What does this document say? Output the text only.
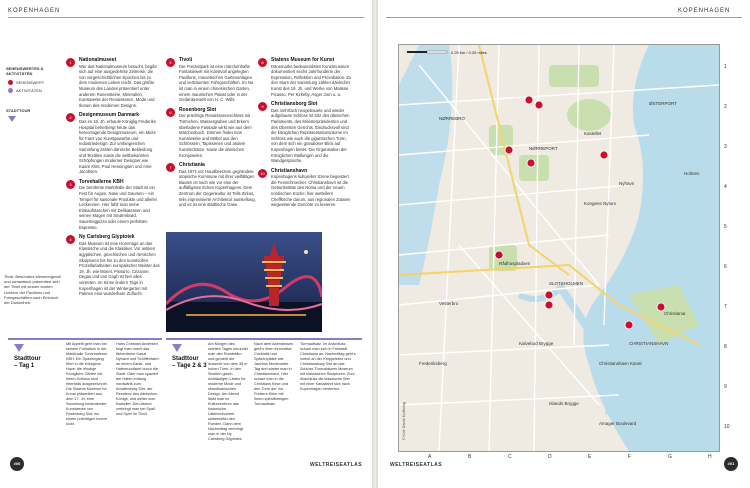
KOPENHAGEN
SEHENSWERTES &
AKTIVITÄTEN
SEHENSWERT
AKTIVITÄTEN
STADTTOUR
1	Nationalmuseet
Wer das Nationalmuseum besucht, begibt sich auf eine ausgedehnte Zeitreise, die von vorgeschichtlichen Epochen bis zu dem modernen Leben reicht. Das größte Museum des Landes präsentiert unter anderem Runensteine, Mineralien, Kunstwerke der Renaissance, Mode und Ikonen des modernen Designs.
2	Designmuseum Danmark
Das im 18. Jh. erbaute Königlig Frederiks Hospital beherbergt heute das hervorragende Designmuseum, ein Muss für Fans von Kunstgewerbe und Industriedesign. Zur umfangreichen Sammlung zählen dänische Bekleidung und Textilien sowie die weltbekannten Schöpfungen moderner Designer wie Kaare Klint, Poul Henningsen und Arne Jacobsen.
3	Torvehallerne KBH
Die berühmte Markthalle der Stadt ist ein Fest für Augen, Nase und Gaumen – ein Tempel für saisonale Produkte und allerlei Leckereien. Hier fühlt man seine Einkaufstaschen mit Delikatessen und seinen Magen mit Smørrebrød, Sauerteigpizza oder einem perfekten Espresso.
4	Ny Carlsberg Glyptotek
Das Museum ist eine Hommage an das Klassische und die Klassiker. Vor antiken ägyptischen, griechischen und römischen Skulpturen bis hin zu den kunstvollen Prozellarlarbeiten europäischer Meister des 19. Jh. wie Monet, Pissarro, Cézanne, Degas und van Gogh ist hier alles vertreten. Im Sinne lindern Tage in Kopenhagen ist der Wintergarten mit Palmen eine wunderbare Zuflucht.
5	Tivoli
Der Freizeitpark ist eine märchenhafte Fantasiewelt mit kunstvoll angelegten Pavillons, romantischen Gartenanlagen und verträumten Fahrgeschäften. Im Nu ist man in einem chinesischen Garten, einem maurischen Palast oder in der Gedankenwelt von H. C. Wills.
6	Rosenborg Slot
Der prächtige Renaissanceschloss mit Türmchen, Wassergraben und Erkern überladene Fassade wirkt wie aus dem Märchenbuch. Drinnen findet man Kunstwerke und Möbel aus den Schlössern, Tapisserien und andere Kunstschätze, sowie die dänischen Kronjuwelen.
7	Christiania
Das 1971 vor Haudbeetzern gegründete utopische Kommune mit ihrer vielfältigen Bauten ist nach wie vor eine der auffälligsten Ecken Kopenhagens. Dem Zentrum der Gegenkultur ist Tells Zirkus, teils improvisierte Architektur ausstellung, und es ist eine städtische Oase.
8	Statens Museum for Kunst
Dänemarks bedeutendstes Kunstmuseum dokumentiert sechs Jahrhunderte der Expression, Reflektion und Provokation. Zu den Stars der Sammlung zählen dänischer Kunst des 19. Jh. und Werke von Matisse, Picasso, Per Kirkeby, Asger Jorn u. a.
9	Christiansborg Slot
Das mehrfach neugebauete und wieder aufgebaute Schloss ist Sitz des dänischen Parlaments, des Ministerpräsidenten und des Obersten Gerichts. Eindrucksvoll sind die königlichen Repräsentationsräume im Schloss wie auch die gigantischen Turm, von dem sich ein grandioser Blick auf Kopenhagen bietet. Die Organisation der Königlichen Stallungen und die Wandgesprache.
10	Christianshavn
Kopenhagens kultureller Szene begeistert die Feinschmecker. Christianshavn ist die Geburtsstätte des Noma und der neuen nordischen Küche; hier wetteifern Cheffköche darum, aus regionalen Zutaten wegweisende Gerichte zu kreieren.
Tivoli: Besonders stimmungsvoll und romantisch präsentiert sich der Tivoli mit seinen bunten Lichtern der Pavillons und Fahrgeschäften nach Einbruch der Dunkelheit.
Stadttour
– Tag 1
Mit Appetit geht man bei seinem Frühstück in der Markthalle Torvehallerne KBH. Ein Spaziergang führt in die Königens Have: die einstige Königliche Gärten mit ihrem Schloss sind ebenfalls ausgezeichnet. Die Statens Museum for Kunst präsentiert aus dem 17. Jh. eine Sammlung bedeutender Kunstwerke von Rosenborg Slot, wo einem prächtigen Innere lockt.
Hans Christian Andersen folgt man durch das färbenfrohe Kanal Nyhavn und Schiffenfahrt: an einem Kanal- und Hafenrundfahrt durch die Stadt. Oder man spaziert am Hafen entlang nordwärts zum Amalienborg Slot, der Residenz des dänischen Königs, und weiter zum Kastellet. Den Abend verbringt man bei Spaß und Spiel im Tivoli.
Stadttour
– Tage 2 & 3
Am Morgen des zweiten Tages erkundet man den Rundetårn und genießt die Aussicht von dem 35 m hohen Turm. In den Straßen gleich rückläufigen Läden für moderne Mode und skandinavisches Design. Am Abend lässt man im Kulturzentrum das historische Lateinerkvartert südwestlich des Runden. Dann dem Nachmittag verbringt man in der Ny Carlsberg Glyptotek.
Nach dem Abendessen geht's ihren innovative Cocktails und Spitzenplätze wie Jazzhus Montmartre. Tag drei startet man in Christianshavn. Hier schaut man in die Christians Kirke und den Turm der Vor Frelsers Kirke mit ihrem spiralförmigen Turmaufsatz.
Turmaufsatz. Im Anschluss schaut man sich in Freistadt Christiania an. Nachmittag geht's vorbei an der Knippelsbro und Christiansborg Slot an das Schloss Thorvaldsens Museum mit klassischen Skulpturen. Zum Abschluss die klassische Wer mit einer Kanalfahrt sich nach Kopenhagen-Vesterbro.
#00	WELTREISEATLAS
KOPENHAGEN
WELTREISEATLAS	#01
ØSTERPORT
NØRREBRO
NØRREPORT
Kastellet
Nyhavn
SLOTSHOLMEN
CHRISTIANSHAVN
Kalvebod Brygge
Christianshavn Kanal
Christiania
Islands Brygge
Amager Boulevard
Holmen
Kongens Nytorv
Rådhuspladsen
Vesterbro
Frederiksberg
0.25 km / 0.25 miles
© Kort: Dansk Kortforlag
A	B	C	D	E	F	G	H
1
2
3
4
5
6
7
8
9
10
